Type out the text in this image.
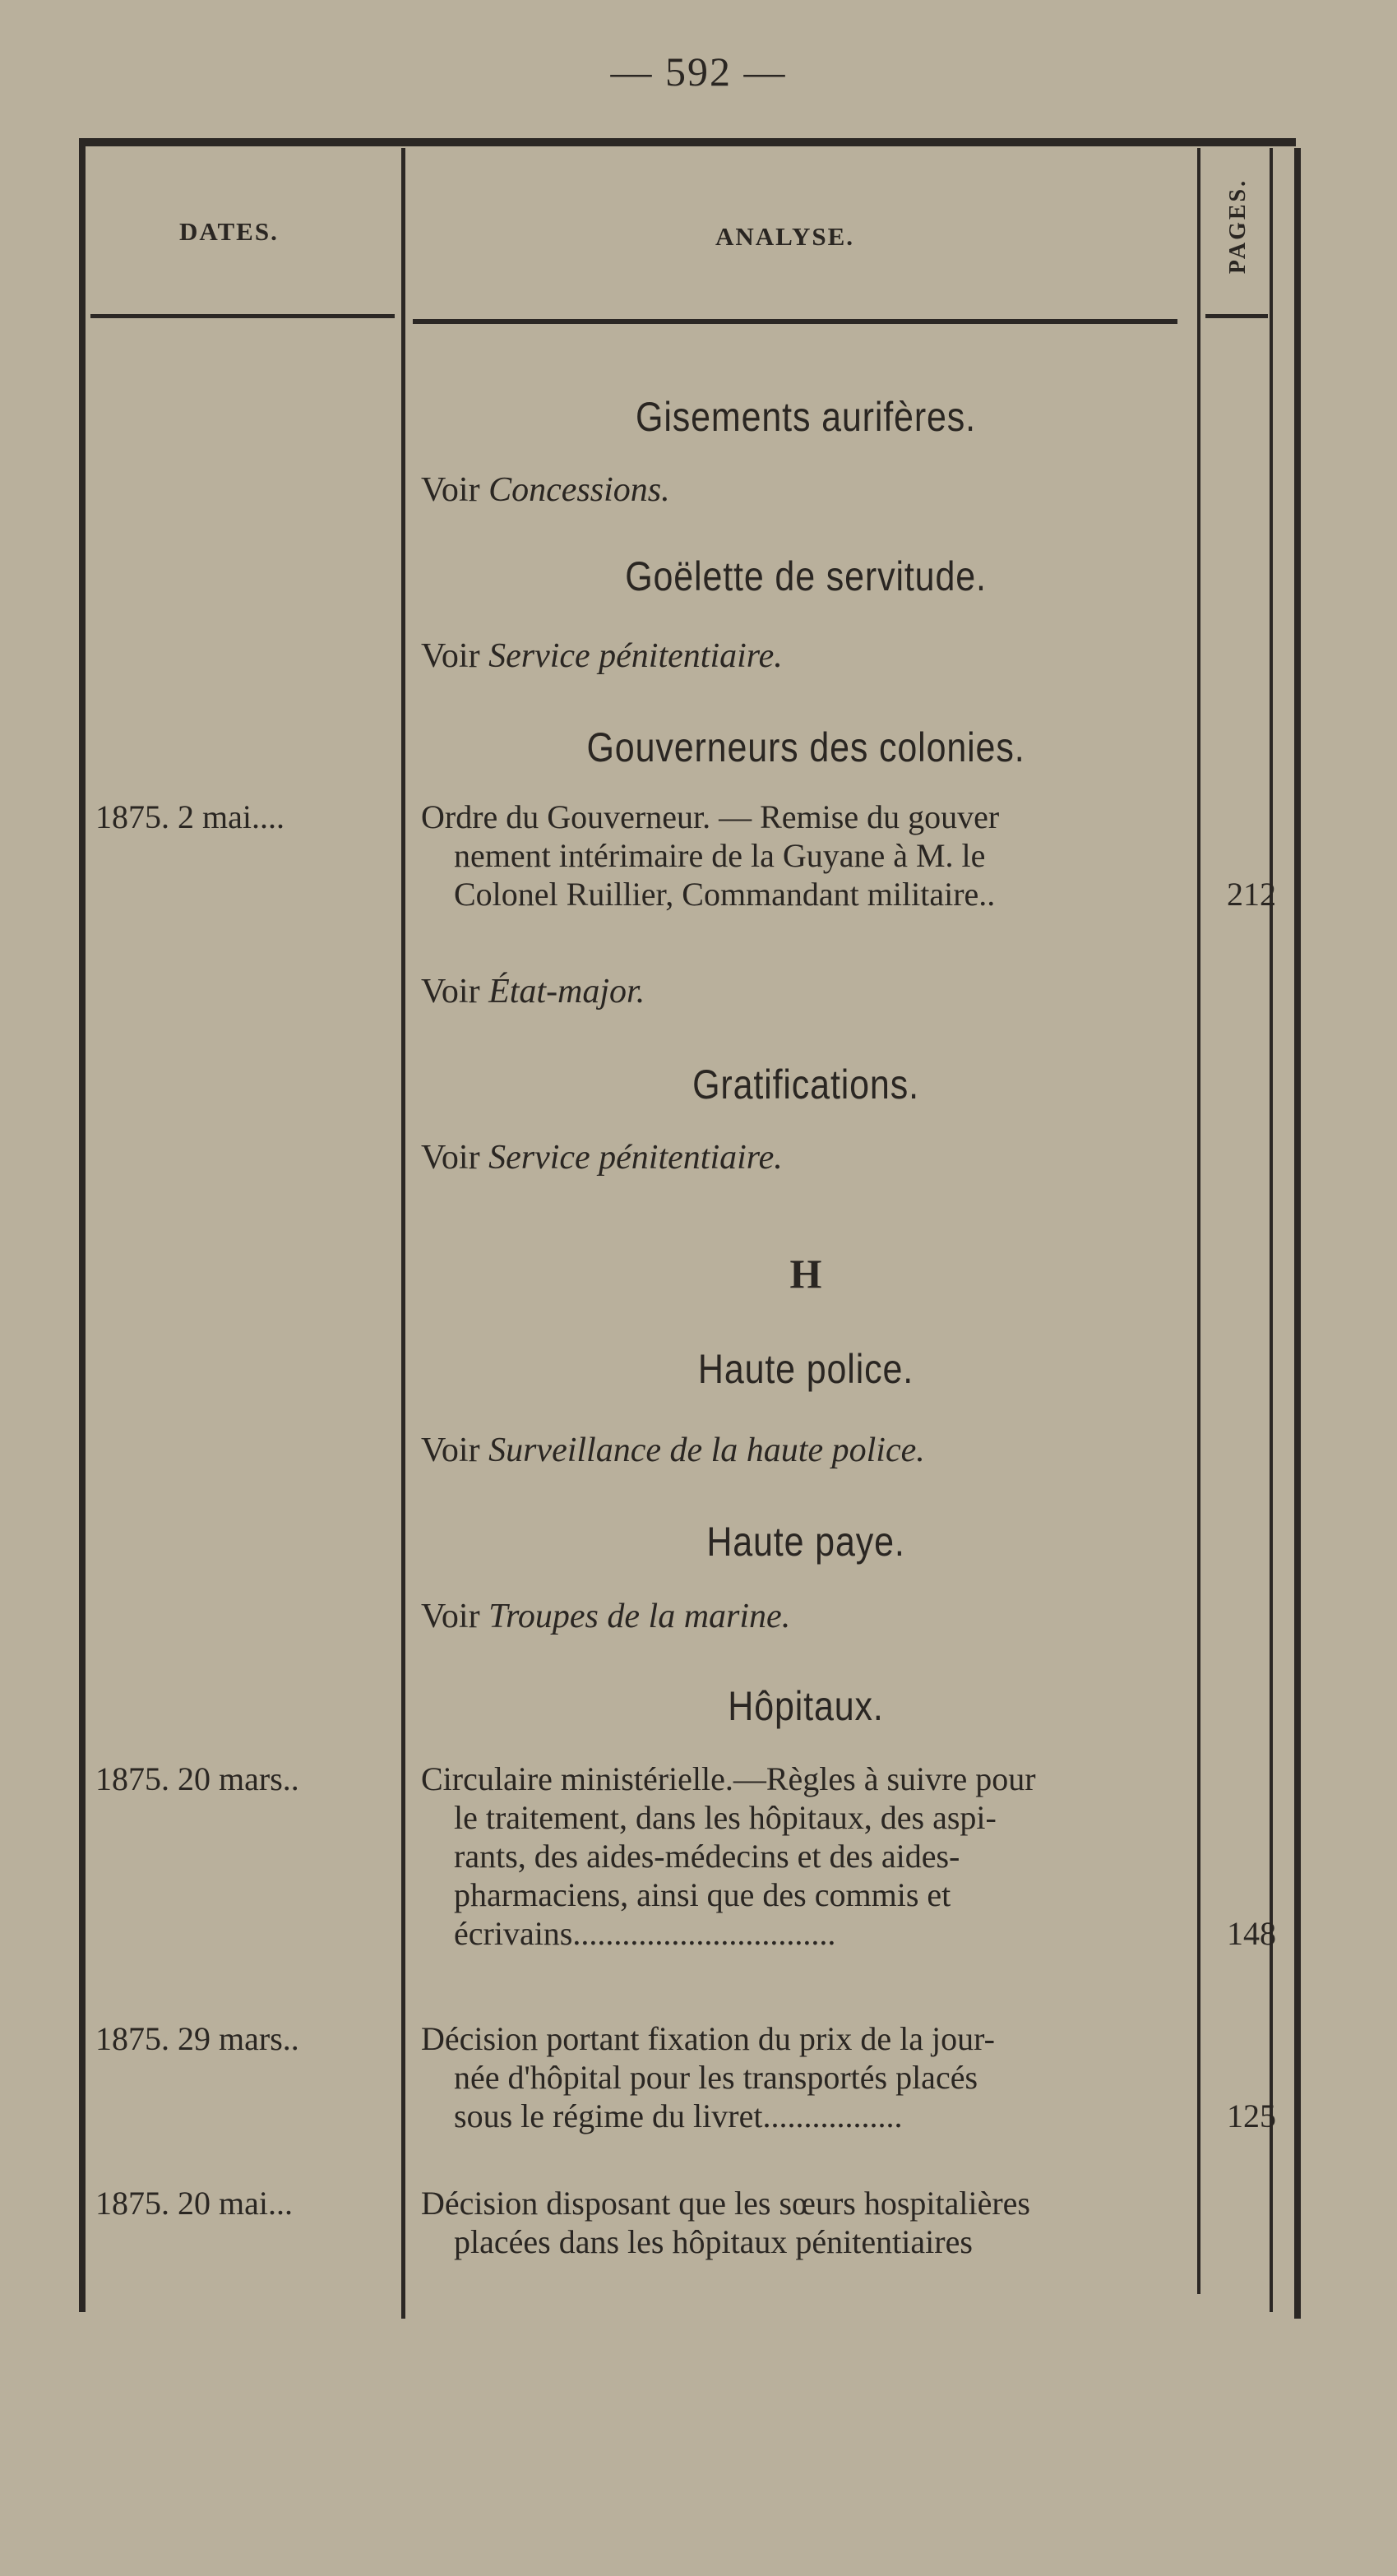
— 592 —
DATES.	ANALYSE.	PAGES.
Gisements aurifères.
Voir Concessions.
Goëlette de servitude.
Voir Service pénitentiaire.
Gouverneurs des colonies.
1875. 2 mai....	Ordre du Gouverneur. — Remise du gouver
nement intérimaire de la Guyane à M. le
Colonel Ruillier, Commandant militaire..	212
Voir État-major.
Gratifications.
Voir Service pénitentiaire.
H
Haute police.
Voir Surveillance de la haute police.
Haute paye.
Voir Troupes de la marine.
Hôpitaux.
1875. 20 mars..	Circulaire ministérielle.—Règles à suivre pour
le traitement, dans les hôpitaux, des aspi-
rants, des aides-médecins et des aides-
pharmaciens, ainsi que des commis et
écrivains................................	148
1875. 29 mars..	Décision portant fixation du prix de la jour-
née d'hôpital pour les transportés placés
sous le régime du livret.................	125
1875. 20 mai...	Décision disposant que les sœurs hospitalières
placées dans les hôpitaux pénitentiaires
